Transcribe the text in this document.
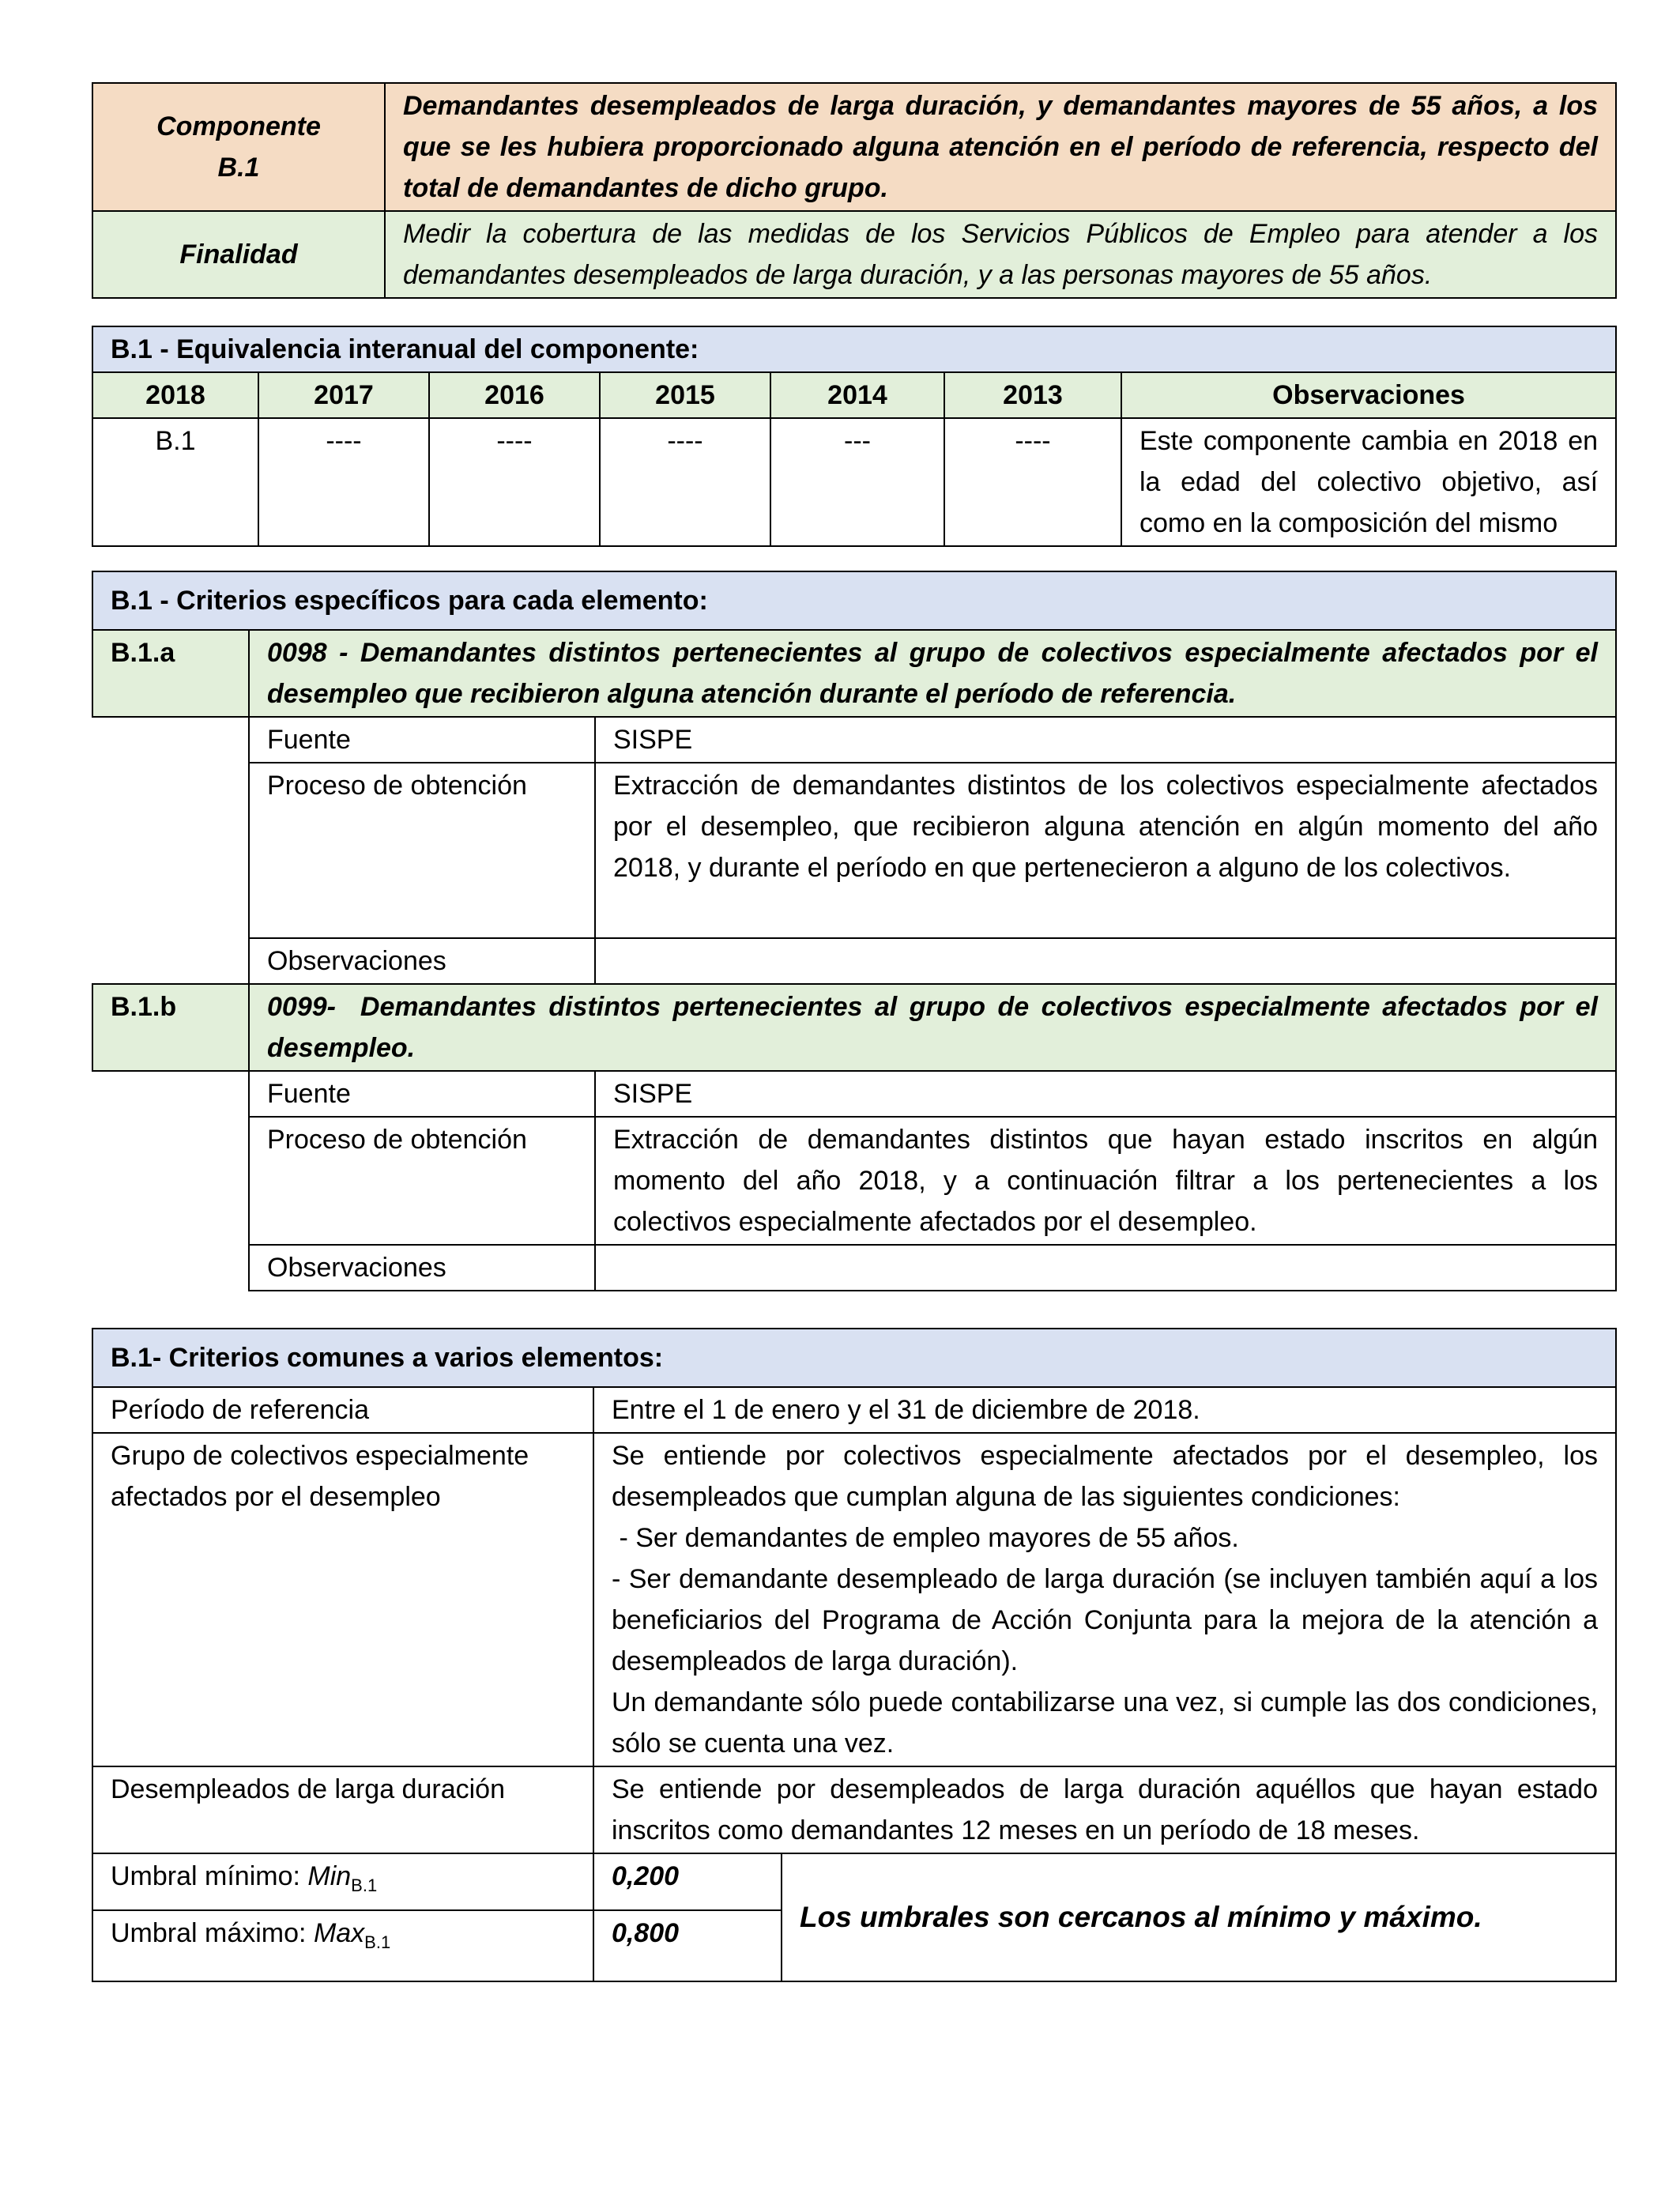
Componente
B.1	Demandantes desempleados de larga duración, y demandantes mayores de 55 años, a los que se les hubiera proporcionado alguna atención en el período de referencia, respecto del total de demandantes de dicho grupo.
Finalidad	Medir la cobertura de las medidas de los Servicios Públicos de Empleo para atender a los demandantes desempleados de larga duración, y a las personas mayores de 55 años.
B.1 - Equivalencia interanual del componente:						
2018	2017	2016	2015	2014	2013	Observaciones
B.1	----	----	----	---	----	Este componente cambia en 2018 en la edad del colectivo objetivo, así como en la composición del mismo
B.1 - Criterios específicos para cada elemento:		
B.1.a	0098 - Demandantes distintos pertenecientes al grupo de colectivos especialmente afectados por el desempleo que recibieron alguna atención durante el período de referencia.	
	Fuente	SISPE
	Proceso de obtención	Extracción de demandantes distintos de los colectivos especialmente afectados por el desempleo, que recibieron alguna atención en algún momento del año 2018, y durante el período en que pertenecieron a alguno de los colectivos.
	Observaciones	
B.1.b	0099-  Demandantes distintos pertenecientes al grupo de colectivos especialmente afectados por el desempleo.	
	Fuente	SISPE
	Proceso de obtención	Extracción de demandantes distintos que hayan estado inscritos en algún momento del año 2018, y a continuación filtrar a los pertenecientes a los colectivos especialmente afectados por el desempleo.
	Observaciones	
B.1- Criterios comunes a varios elementos:		
Período de referencia	Entre el 1 de enero y el 31 de diciembre de 2018.	
Grupo de colectivos especialmente afectados por el desempleo	Se entiende por colectivos especialmente afectados por el desempleo, los desempleados que cumplan alguna de las siguientes condiciones:
- Ser demandantes de empleo mayores de 55 años.
- Ser demandante desempleado de larga duración (se incluyen también aquí a los beneficiarios del Programa de Acción Conjunta para la mejora de la atención a desempleados de larga duración).
Un demandante sólo puede contabilizarse una vez, si cumple las dos condiciones, sólo se cuenta una vez.	

Desempleados de larga duración	Se entiende por desempleados de larga duración aquéllos que hayan estado inscritos como demandantes 12 meses en un período de 18 meses.	
Umbral mínimo: Min$_{B.1}$	0,200	Los umbrales son cercanos al mínimo y máximo.
Umbral máximo: Max$_{B.1}$	0,800	
